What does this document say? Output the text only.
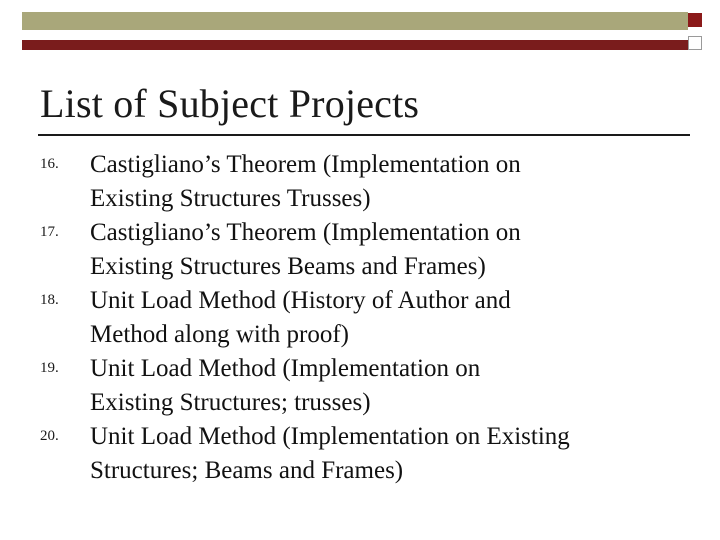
List of Subject Projects
16.	Castigliano’s Theorem (Implementation on
Existing Structures Trusses)
17.	Castigliano’s Theorem (Implementation on
Existing Structures Beams and Frames)
18.	Unit Load Method (History of Author and
Method along with proof)
19.	Unit Load Method (Implementation on
Existing Structures; trusses)
20.	Unit Load Method (Implementation on Existing
Structures; Beams and Frames)
